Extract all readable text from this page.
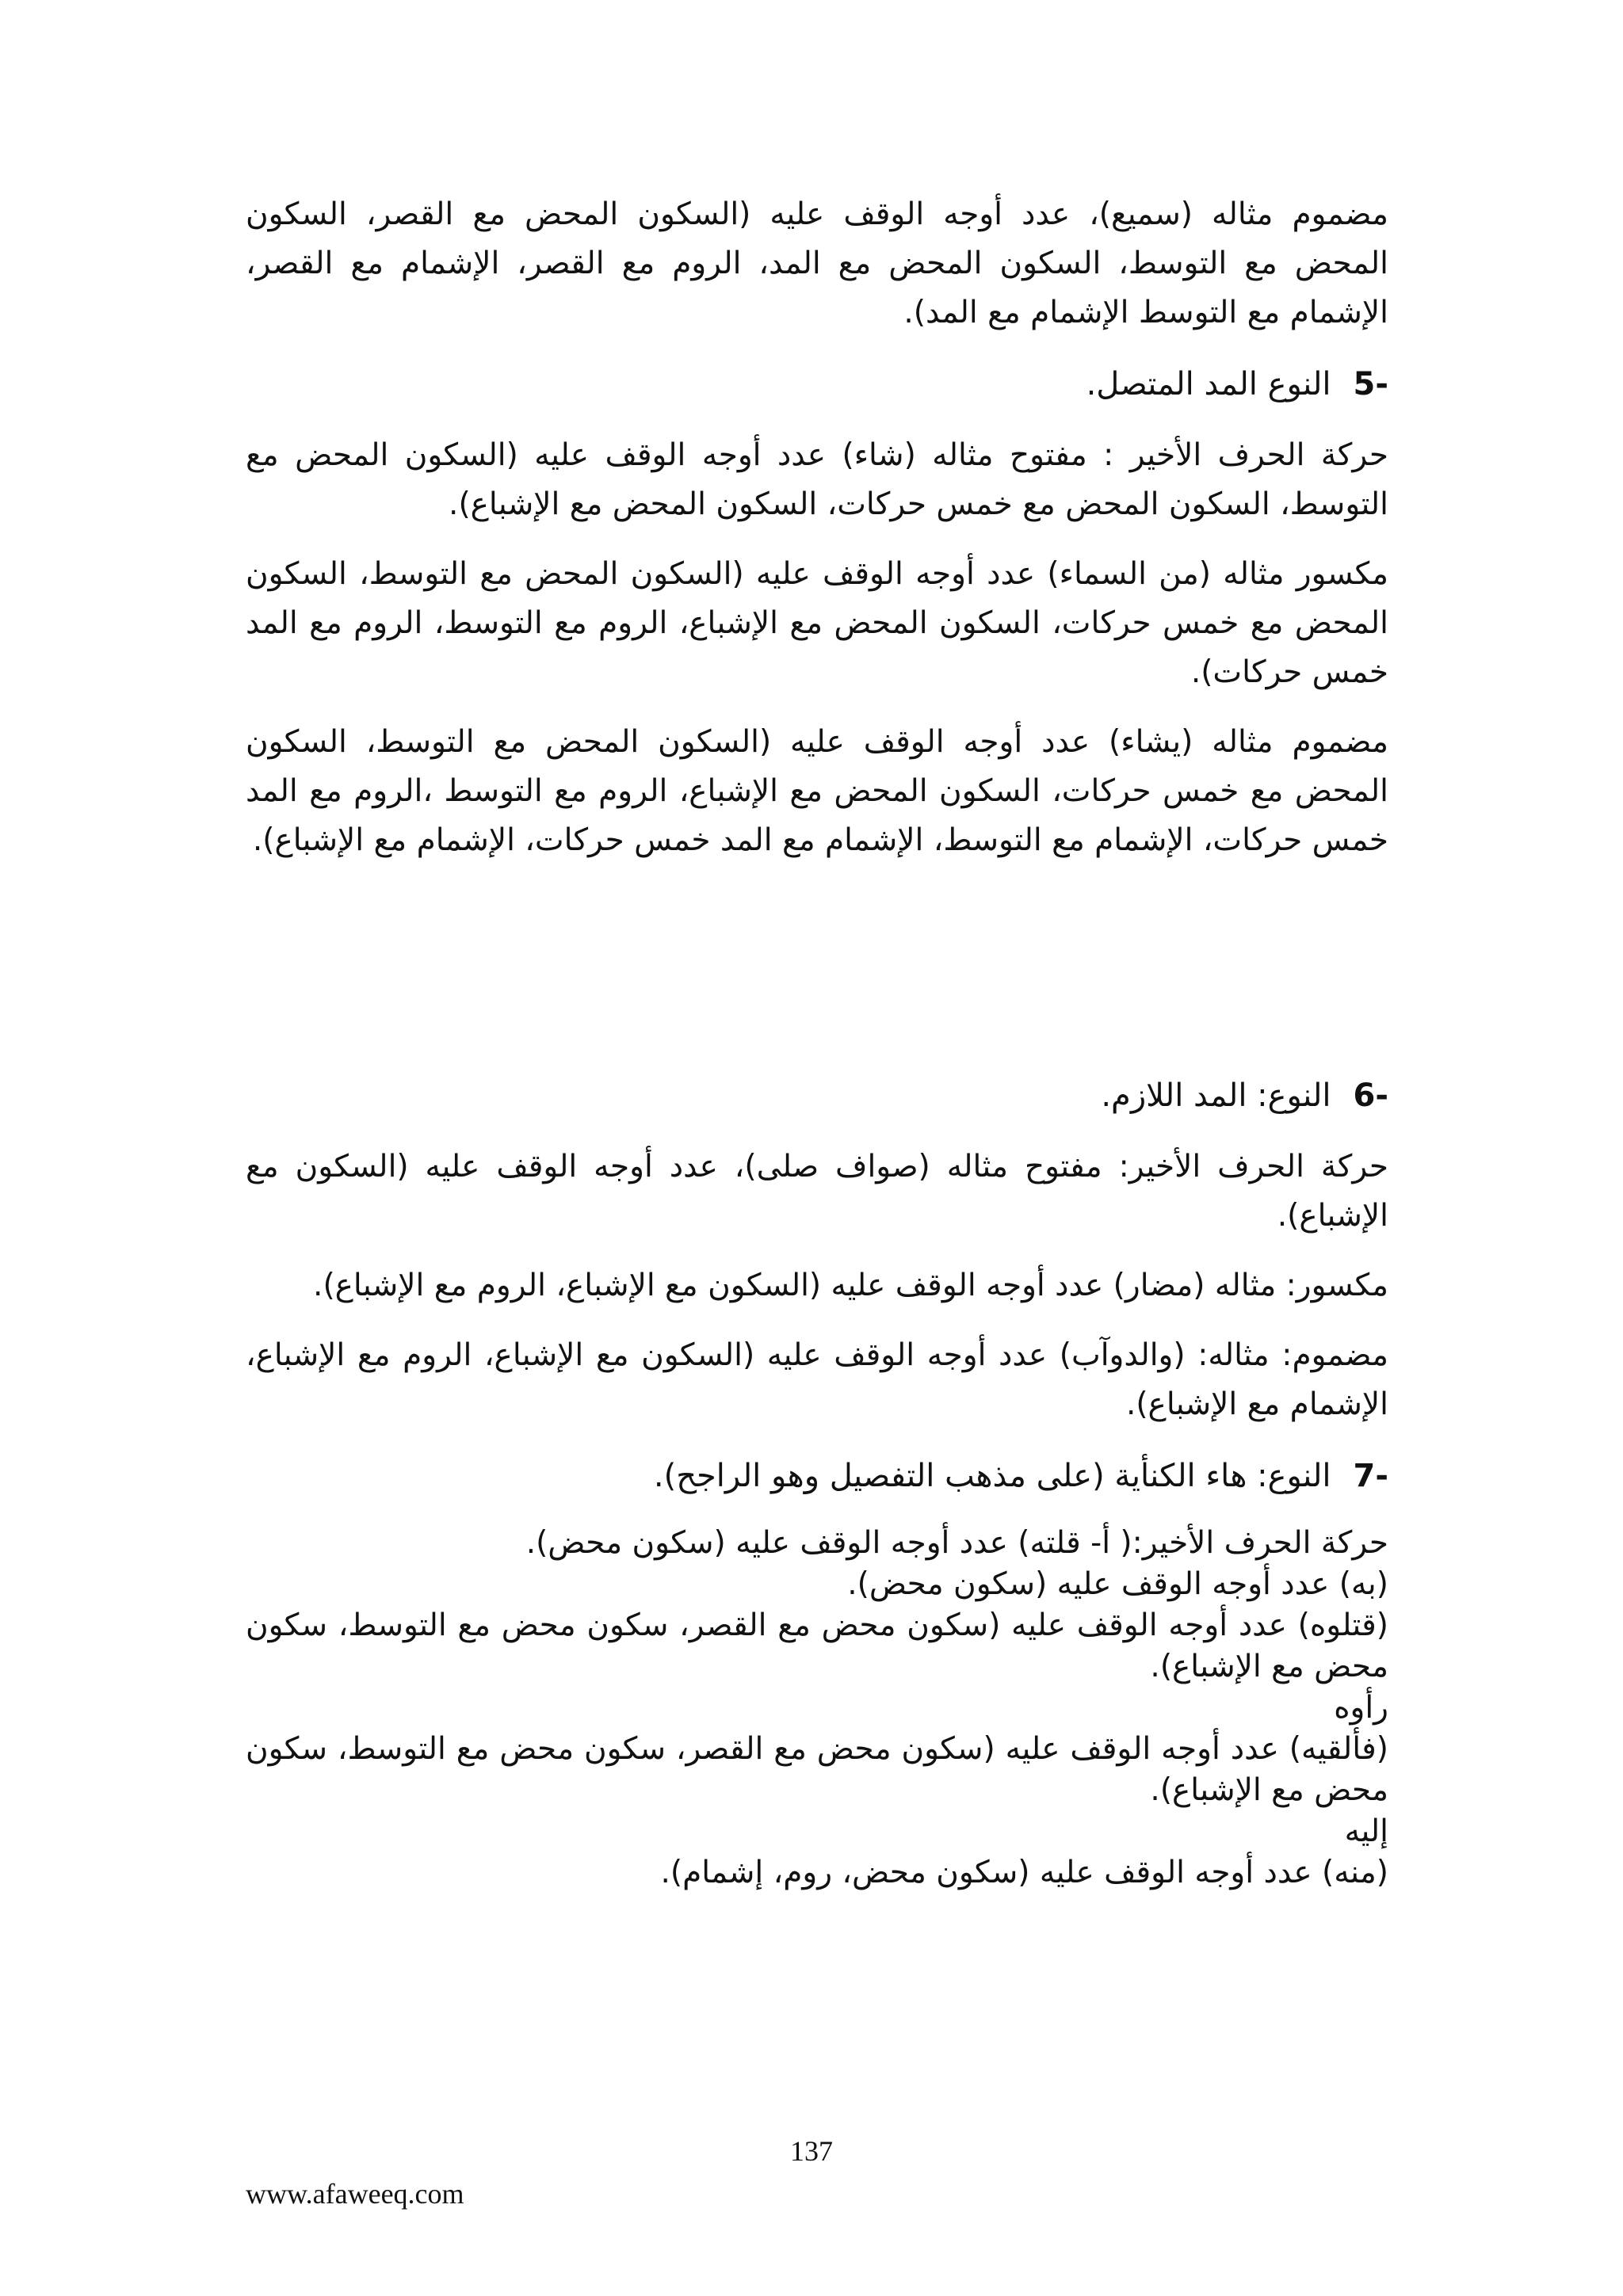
مضموم مثاله (سميع)، عدد أوجه الوقف عليه (السكون المحض مع القصر، السكون المحض مع التوسط، السكون المحض مع المد، الروم مع القصر، الإشمام مع القصر، الإشمام مع التوسط الإشمام مع المد).

-5النوع المد المتصل.

حركة الحرف الأخير : مفتوح مثاله (شاء) عدد أوجه الوقف عليه (السكون المحض مع التوسط، السكون المحض مع خمس حركات، السكون المحض مع الإشباع).

مكسور مثاله (من السماء) عدد أوجه الوقف عليه (السكون المحض مع التوسط، السكون المحض مع خمس حركات، السكون المحض مع الإشباع، الروم مع التوسط، الروم مع المد خمس حركات).

مضموم مثاله (يشاء) عدد أوجه الوقف عليه (السكون المحض مع التوسط، السكون المحض مع خمس حركات، السكون المحض مع الإشباع، الروم مع التوسط ،الروم مع المد خمس حركات، الإشمام مع التوسط، الإشمام مع المد خمس حركات، الإشمام مع الإشباع).

-6النوع: المد اللازم.

حركة الحرف الأخير: مفتوح مثاله (صواف صلى)، عدد أوجه الوقف عليه (السكون مع الإشباع).

مكسور: مثاله (مضار) عدد أوجه الوقف عليه (السكون مع الإشباع، الروم مع الإشباع).

مضموم: مثاله: (والدوآب) عدد أوجه الوقف عليه (السكون مع الإشباع، الروم مع الإشباع، الإشمام مع الإشباع).

-7النوع: هاء الكنأية (على مذهب التفصيل وهو الراجح).

حركة الحرف الأخير:( أ- قلته) عدد أوجه الوقف عليه (سكون محض).

(به) عدد أوجه الوقف عليه (سكون محض).

(قتلوه) عدد أوجه الوقف عليه (سكون محض مع القصر، سكون محض مع التوسط، سكون محض مع الإشباع).

رأوه

(فألقيه) عدد أوجه الوقف عليه (سكون محض مع القصر، سكون محض مع التوسط، سكون محض مع الإشباع).

إليه

(منه) عدد أوجه الوقف عليه (سكون محض، روم، إشمام).

137
www.afaweeq.com
